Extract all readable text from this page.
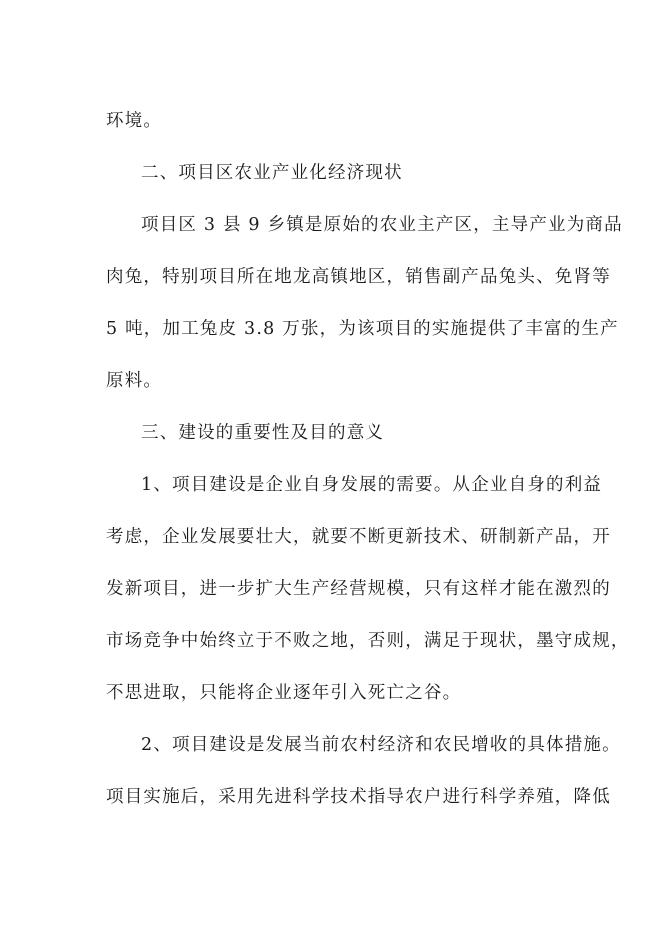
环境。
二、项目区农业产业化经济现状
项目区 3 县 9 乡镇是原始的农业主产区，主导产业为商品
肉兔，特别项目所在地龙高镇地区，销售副产品兔头、免肾等
5 吨，加工兔皮 3.8 万张，为该项目的实施提供了丰富的生产
原料。
三、建设的重要性及目的意义
1、项目建设是企业自身发展的需要。从企业自身的利益
考虑，企业发展要壮大，就要不断更新技术、研制新产品，开
发新项目，进一步扩大生产经营规模，只有这样才能在激烈的
市场竞争中始终立于不败之地，否则，满足于现状，墨守成规，
不思进取，只能将企业逐年引入死亡之谷。
2、项目建设是发展当前农村经济和农民增收的具体措施。
项目实施后，采用先进科学技术指导农户进行科学养殖，降低
